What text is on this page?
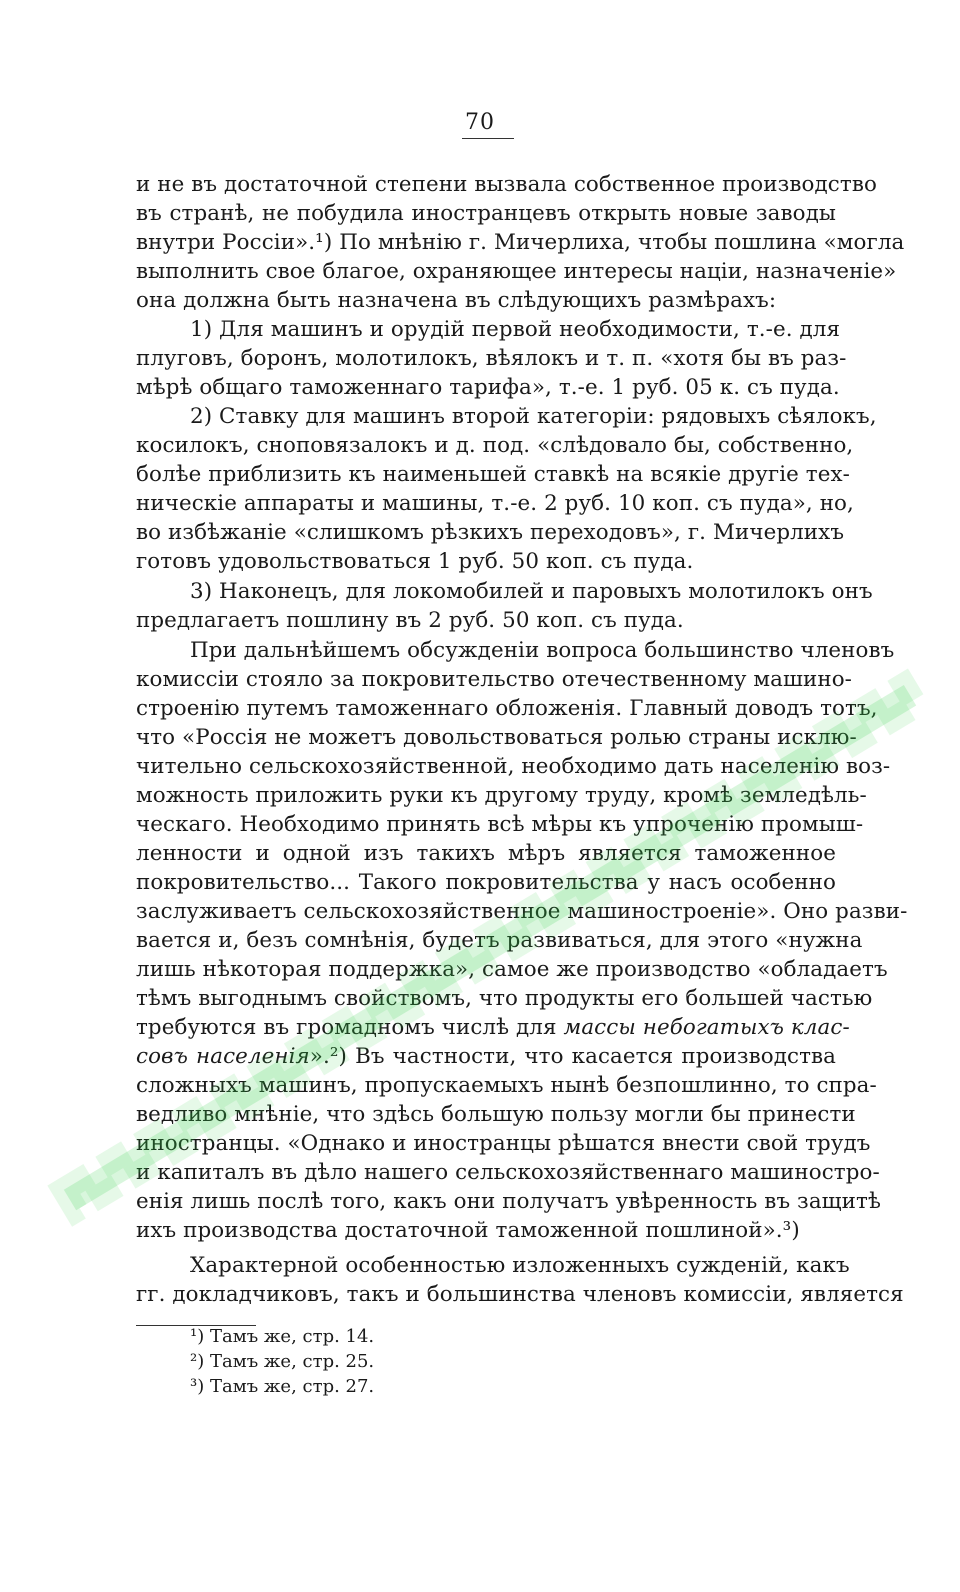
70
и не въ достаточной степени вызвала собственное производство
въ странѣ, не побудила иностранцевъ открыть новые заводы
внутри Россіи».¹) По мнѣнію г. Мичерлиха, чтобы пошлина «могла
выполнить свое благое, охраняющее интересы націи, назначеніе»
она должна быть назначена въ слѣдующихъ размѣрахъ:
1) Для машинъ и орудій первой необходимости, т.-е. для
плуговъ, боронъ, молотилокъ, вѣялокъ и т. п. «хотя бы въ раз-
мѣрѣ общаго таможеннаго тарифа», т.-е. 1 руб. 05 к. съ пуда.
2) Ставку для машинъ второй категоріи: рядовыхъ сѣялокъ,
косилокъ, сноповязалокъ и д. под. «слѣдовало бы, собственно,
болѣе приблизить къ наименьшей ставкѣ на всякіе другіе тех-
ническіе аппараты и машины, т.-е. 2 руб. 10 коп. съ пуда», но,
во избѣжаніе «слишкомъ рѣзкихъ переходовъ», г. Мичерлихъ
готовъ удовольствоваться 1 руб. 50 коп. съ пуда.
3) Наконецъ, для локомобилей и паровыхъ молотилокъ онъ
предлагаетъ пошлину въ 2 руб. 50 коп. съ пуда.
При дальнѣйшемъ обсужденіи вопроса большинство членовъ
комиссіи стояло за покровительство отечественному машино-
строенію путемъ таможеннаго обложенія. Главный доводъ тотъ,
что «Россія не можетъ довольствоваться ролью страны исклю-
чительно сельскохозяйственной, необходимо дать населенію воз-
можность приложить руки къ другому труду, кромѣ земледѣль-
ческаго. Необходимо принять всѣ мѣры къ упроченію промыш-
ленности и одной изъ такихъ мѣръ является таможенное
покровительство... Такого покровительства у насъ особенно
заслуживаетъ сельскохозяйственное машиностроеніе». Оно разви-
вается и, безъ сомнѣнія, будетъ развиваться, для этого «нужна
лишь нѣкоторая поддержка», самое же производство «обладаетъ
тѣмъ выгоднымъ свойствомъ, что продукты его большей частью
требуются въ громадномъ числѣ для массы небогатыхъ клас-
совъ населенія».²) Въ частности, что касается производства
сложныхъ машинъ, пропускаемыхъ нынѣ безпошлинно, то спра-
ведливо мнѣніе, что здѣсь большую пользу могли бы принести
иностранцы. «Однако и иностранцы рѣшатся внести свой трудъ
и капиталъ въ дѣло нашего сельскохозяйственнаго машиностро-
енія лишь послѣ того, какъ они получатъ увѣренность въ защитѣ
ихъ производства достаточной таможенной пошлиной».³)
Характерной особенностью изложенныхъ сужденій, какъ
гг. докладчиковъ, такъ и большинства членовъ комиссіи, является
¹) Тамъ же, стр. 14.
²) Тамъ же, стр. 25.
³) Тамъ же, стр. 27.
